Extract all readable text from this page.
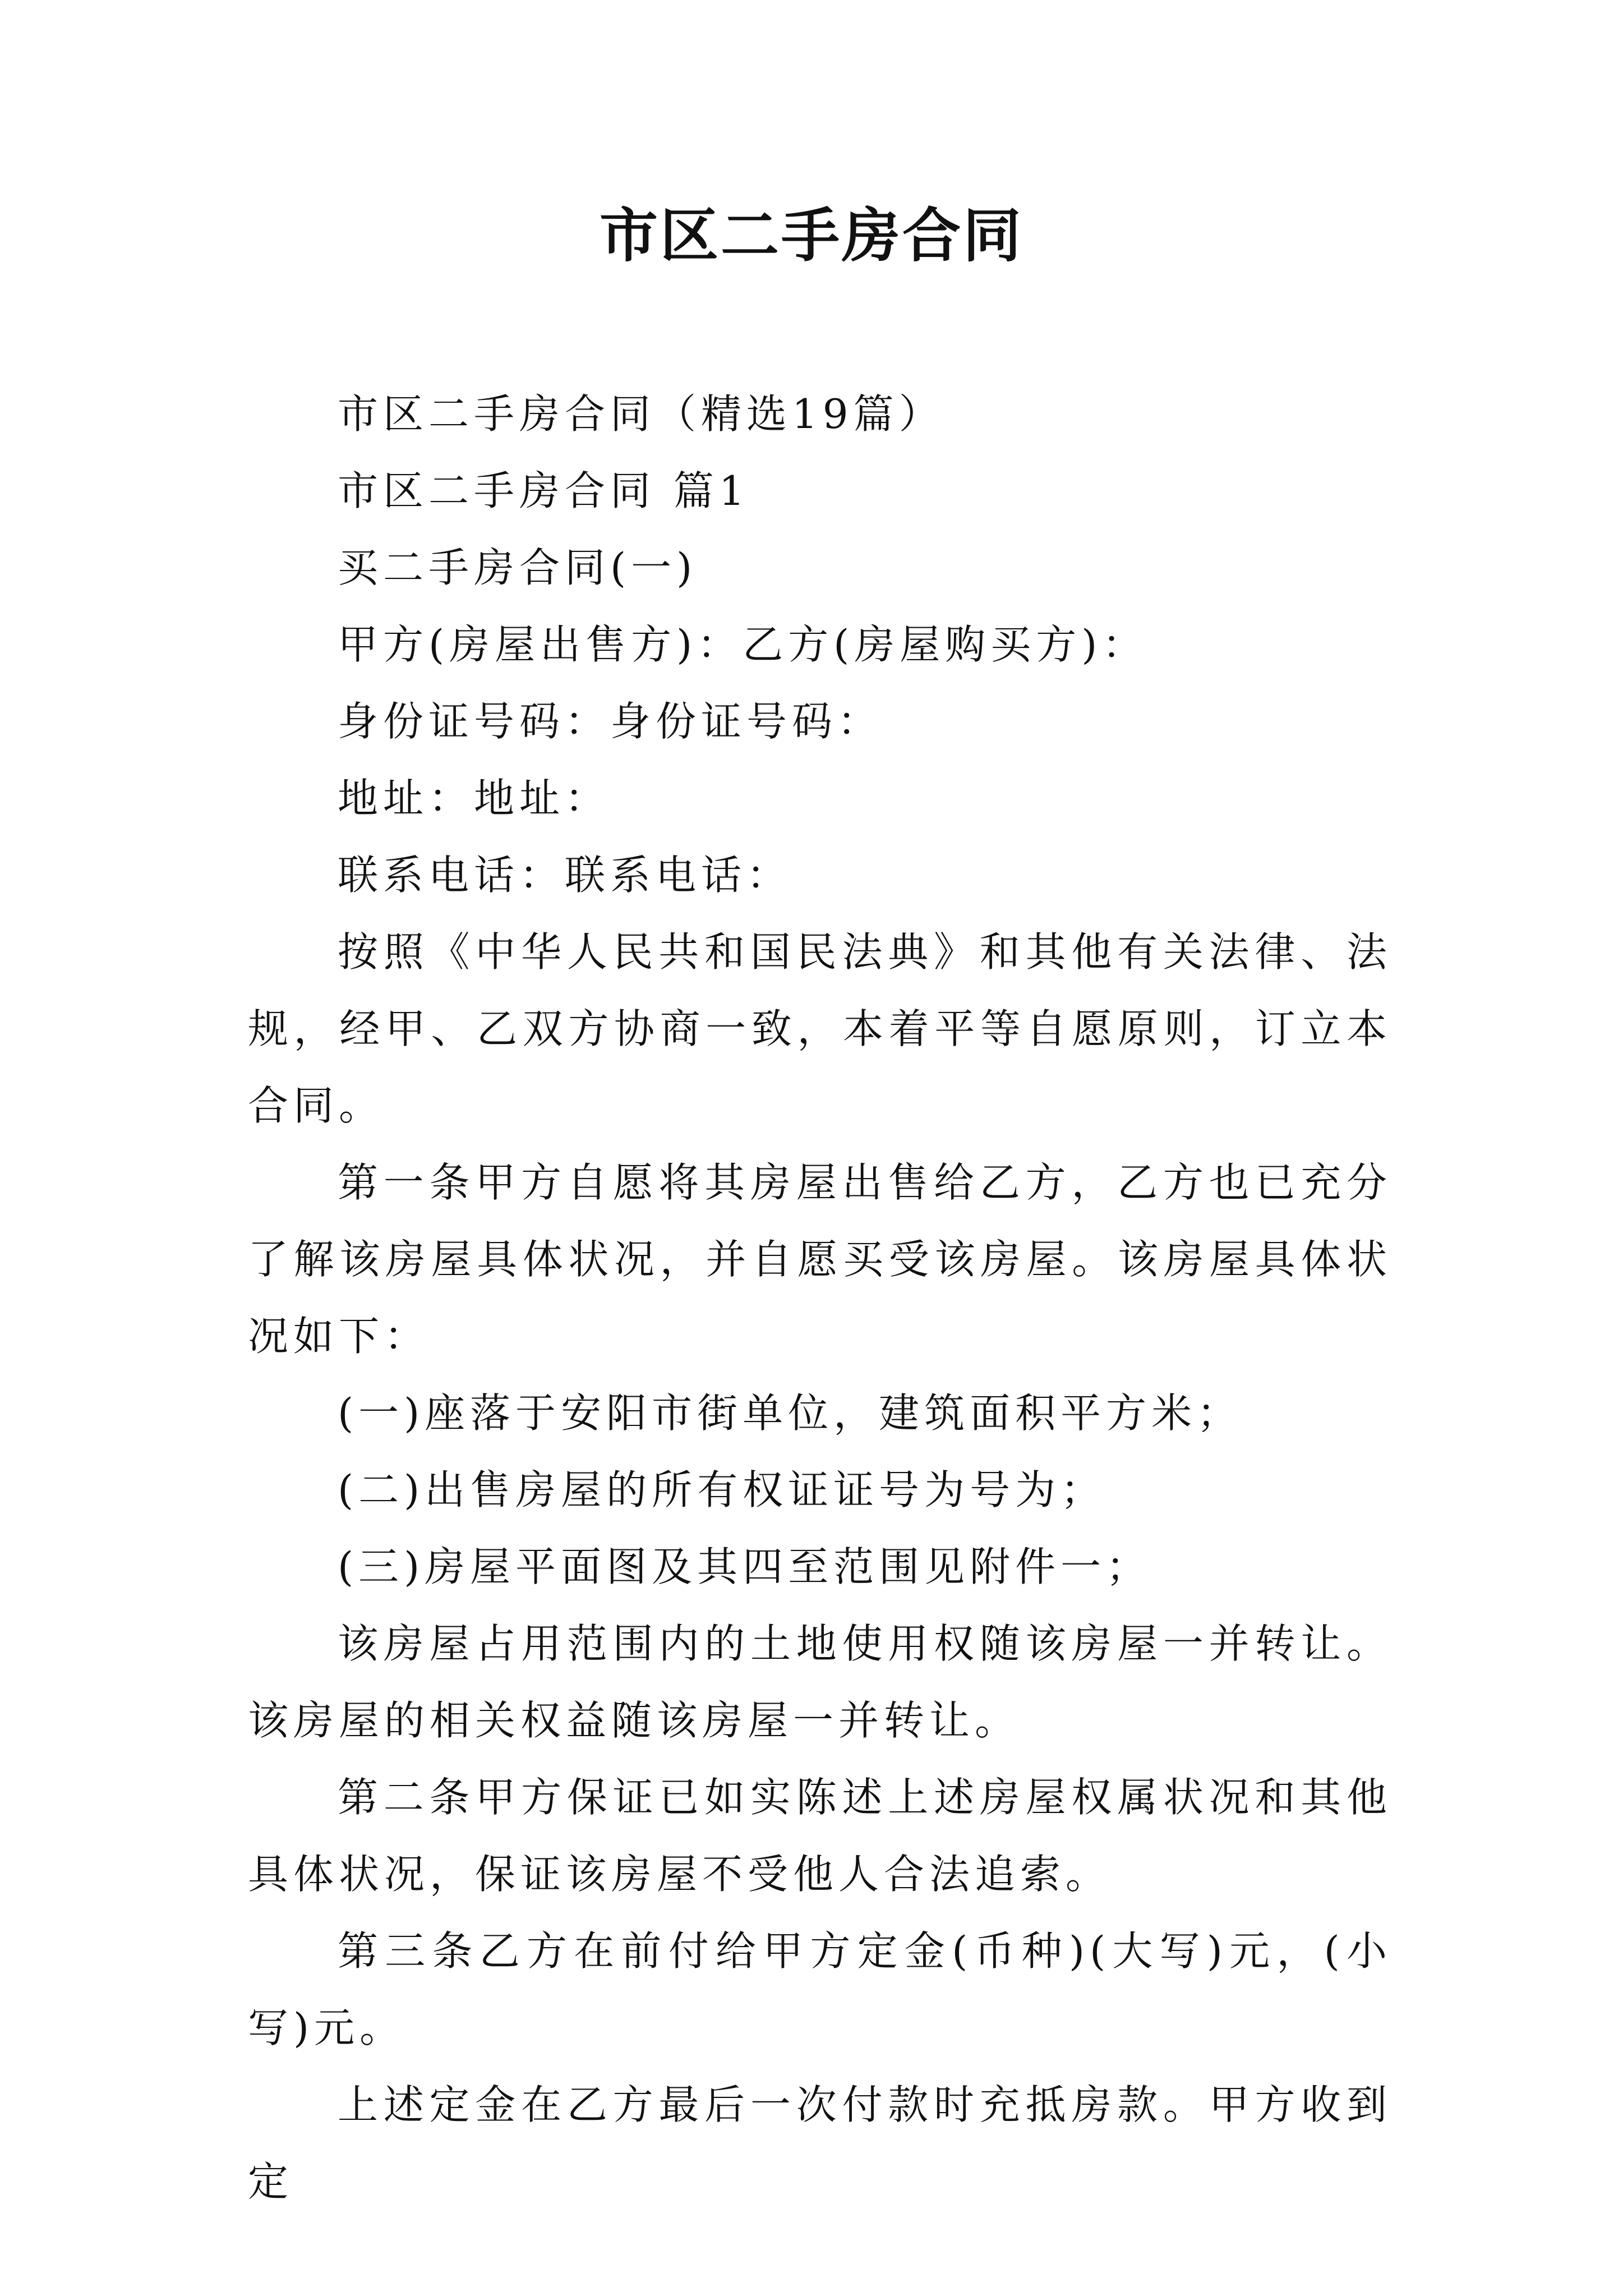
市区二手房合同

市区二手房合同（精选19篇）

市区二手房合同 篇1

买二手房合同(一)

甲方(房屋出售方)：乙方(房屋购买方)：

身份证号码：身份证号码：

地址：地址：

联系电话：联系电话：

按照《中华人民共和国民法典》和其他有关法律、法规，经甲、乙双方协商一致，本着平等自愿原则，订立本合同。

第一条甲方自愿将其房屋出售给乙方，乙方也已充分了解该房屋具体状况，并自愿买受该房屋。该房屋具体状况如下：

(一)座落于安阳市街单位，建筑面积平方米；

(二)出售房屋的所有权证证号为号为；

(三)房屋平面图及其四至范围见附件一；

该房屋占用范围内的土地使用权随该房屋一并转让。该房屋的相关权益随该房屋一并转让。

第二条甲方保证已如实陈述上述房屋权属状况和其他具体状况，保证该房屋不受他人合法追索。

第三条乙方在前付给甲方定金(币种)(大写)元，(小写)元。

上述定金在乙方最后一次付款时充抵房款。甲方收到定
